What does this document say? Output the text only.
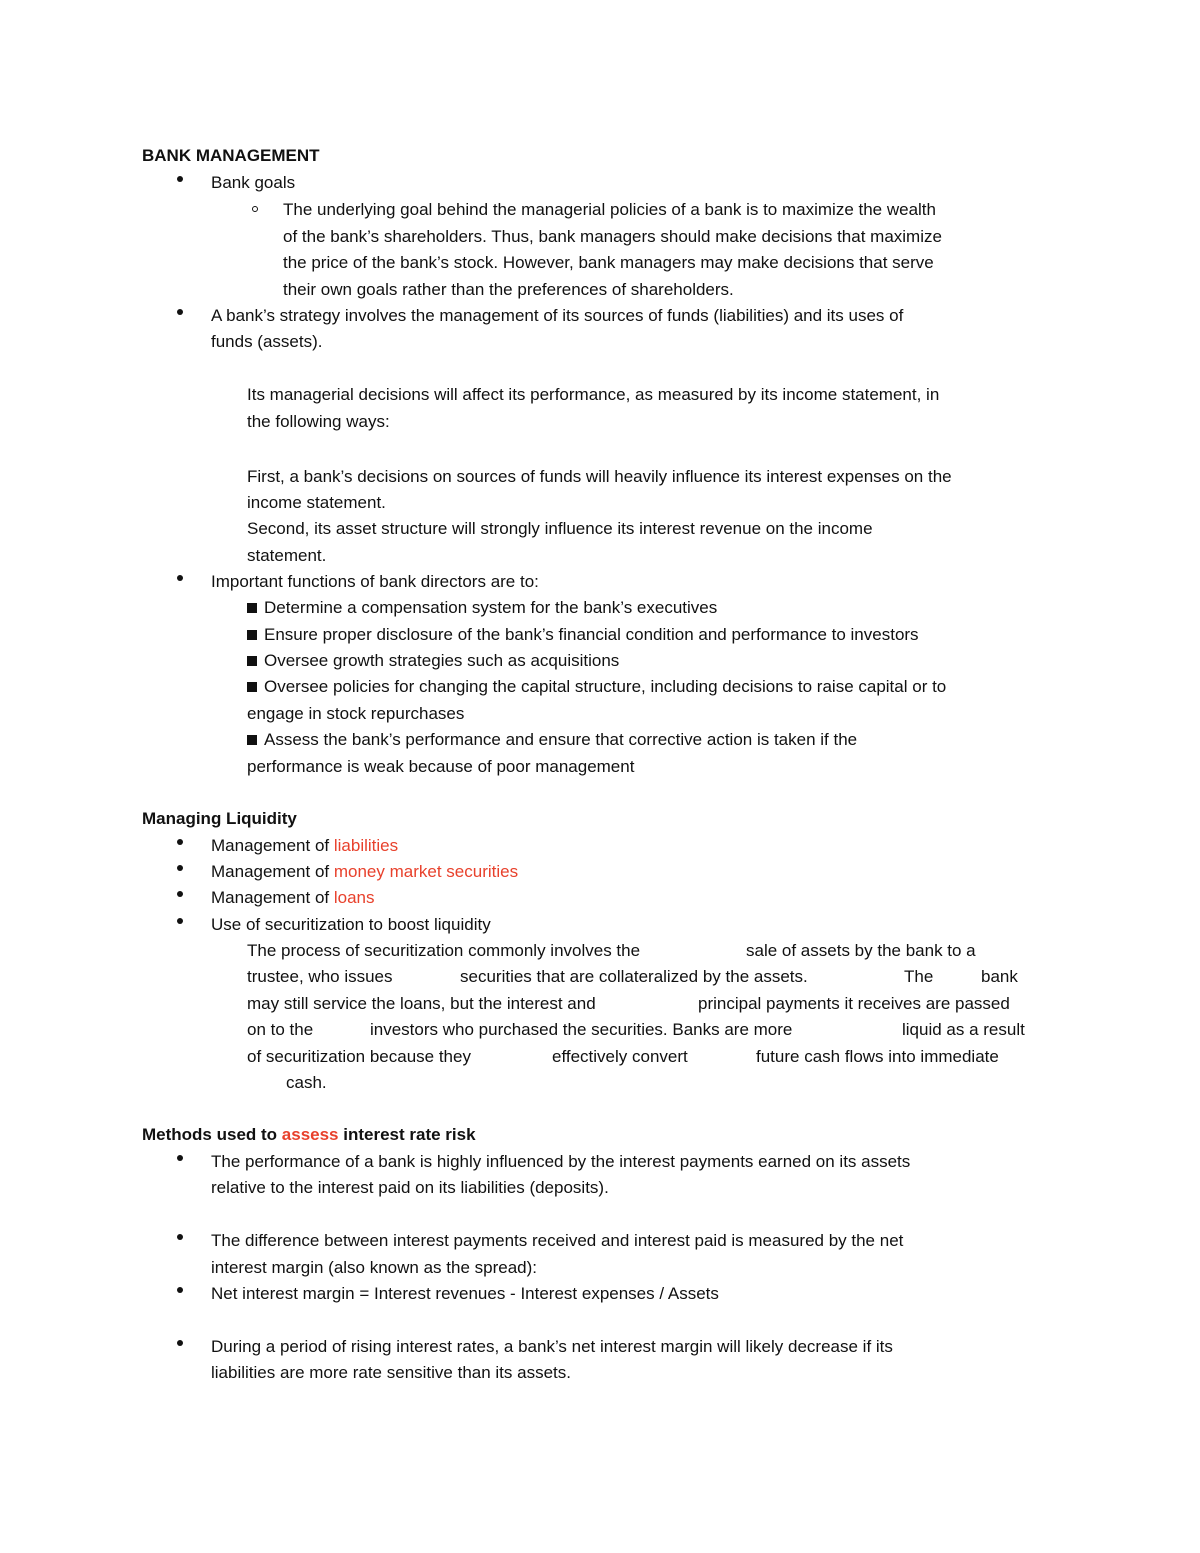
BANK MANAGEMENT
Bank goals
The underlying goal behind the managerial policies of a bank is to maximize the wealth
of the bank’s shareholders. Thus, bank managers should make decisions that maximize
the price of the bank’s stock. However, bank managers may make decisions that serve
their own goals rather than the preferences of shareholders.
A bank’s strategy involves the management of its sources of funds (liabilities) and its uses of
funds (assets).
Its managerial decisions will affect its performance, as measured by its income statement, in
the following ways:
First, a bank’s decisions on sources of funds will heavily influence its interest expenses on the
income statement.
Second, its asset structure will strongly influence its interest revenue on the income
statement.
Important functions of bank directors are to:
Determine a compensation system for the bank’s executives
Ensure proper disclosure of the bank’s financial condition and performance to investors
Oversee growth strategies such as acquisitions
Oversee policies for changing the capital structure, including decisions to raise capital or to
engage in stock repurchases
Assess the bank’s performance and ensure that corrective action is taken if the
performance is weak because of poor management
Managing Liquidity
Management of liabilities
Management of money market securities
Management of loans
Use of securitization to boost liquidity
The process of securitization commonly involves the	sale of assets by the bank to a
trustee, who issues	securities that are collateralized by the assets.	The	bank
may still service the loans, but the interest and	principal payments it receives are passed
on to the	investors who purchased the securities. Banks are more	liquid as a result
of securitization because they	effectively convert	future cash flows into immediate
cash.
Methods used to assess interest rate risk
The performance of a bank is highly influenced by the interest payments earned on its assets
relative to the interest paid on its liabilities (deposits).
The difference between interest payments received and interest paid is measured by the net
interest margin (also known as the spread):
Net interest margin = Interest revenues - Interest expenses / Assets
During a period of rising interest rates, a bank’s net interest margin will likely decrease if its
liabilities are more rate sensitive than its assets.
